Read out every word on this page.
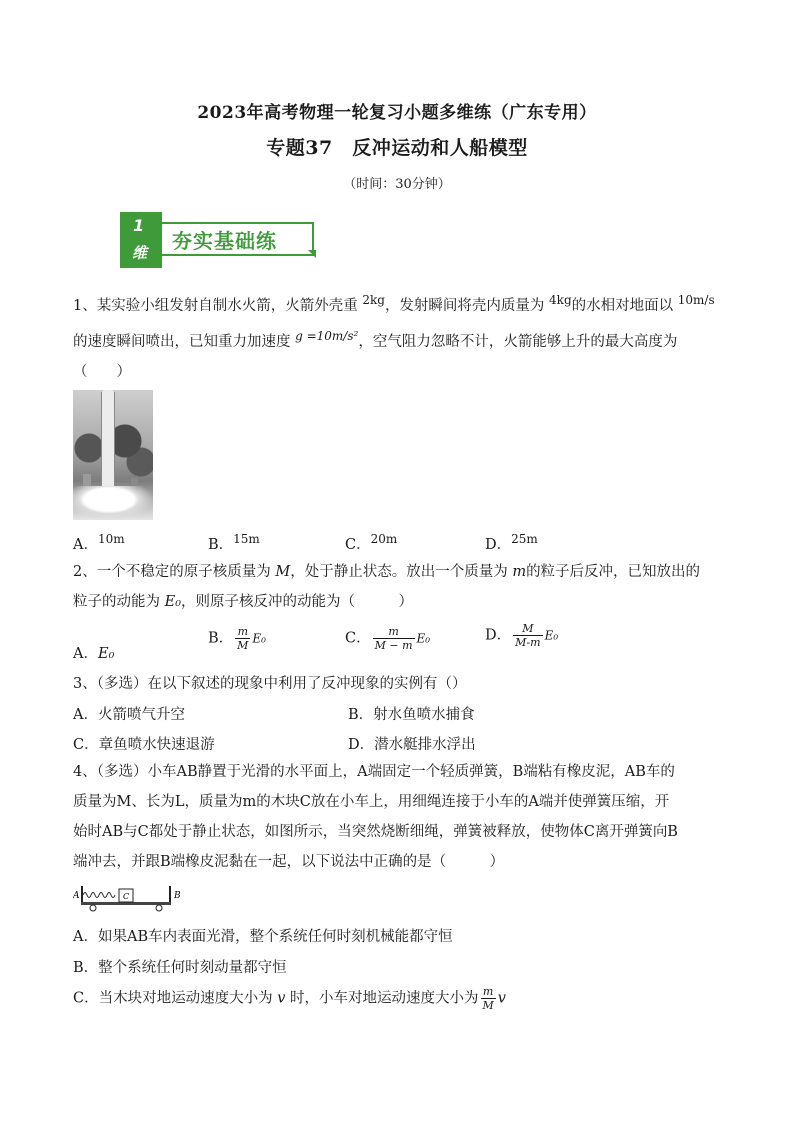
2023年高考物理一轮复习小题多维练（广东专用）
专题37　反冲运动和人船模型
（时间：30分钟）
1
维 夯实基础练
1、某实验小组发射自制水火箭，火箭外壳重 $^{2kg}$，发射瞬间将壳内质量为 $^{4kg}$的水相对地面以 $^{10m/s}$
的速度瞬间喷出，已知重力加速度 $^{g =10m/s^2}$，空气阻力忽略不计，火箭能够上升的最大高度为
（　　）
A．$^{10m}$	B．$^{15m}$	C．$^{20m}$	D．$^{25m}$
2、一个不稳定的原子核质量为 M，处于静止状态。放出一个质量为 m的粒子后反冲，已知放出的
粒子的动能为 E₀，则原子核反冲的动能为（　　　）
A．E₀
B． $\frac{m}{M} E_0$	C． $\frac{m}{M - m} E_0$	D． $\frac{M}{M-m} E_0$
3、（多选）在以下叙述的现象中利用了反冲现象的实例有（）
A．火箭喷气升空	B．射水鱼喷水捕食
C．章鱼喷水快速退游	D．潜水艇排水浮出
4、（多选）小车AB静置于光滑的水平面上，A端固定一个轻质弹簧，B端粘有橡皮泥，AB车的
质量为M、长为L，质量为m的木块C放在小车上，用细绳连接于小车的A端并使弹簧压缩，开
始时AB与C都处于静止状态，如图所示，当突然烧断细绳，弹簧被释放，使物体C离开弹簧向B
端冲去，并跟B端橡皮泥黏在一起，以下说法中正确的是（　　　）
A	C	B
A．如果AB车内表面光滑，整个系统任何时刻机械能都守恒
B．整个系统任何时刻动量都守恒
C．当木块对地运动速度大小为 v 时，小车对地运动速度大小为 $\frac{m}{M}$ v
